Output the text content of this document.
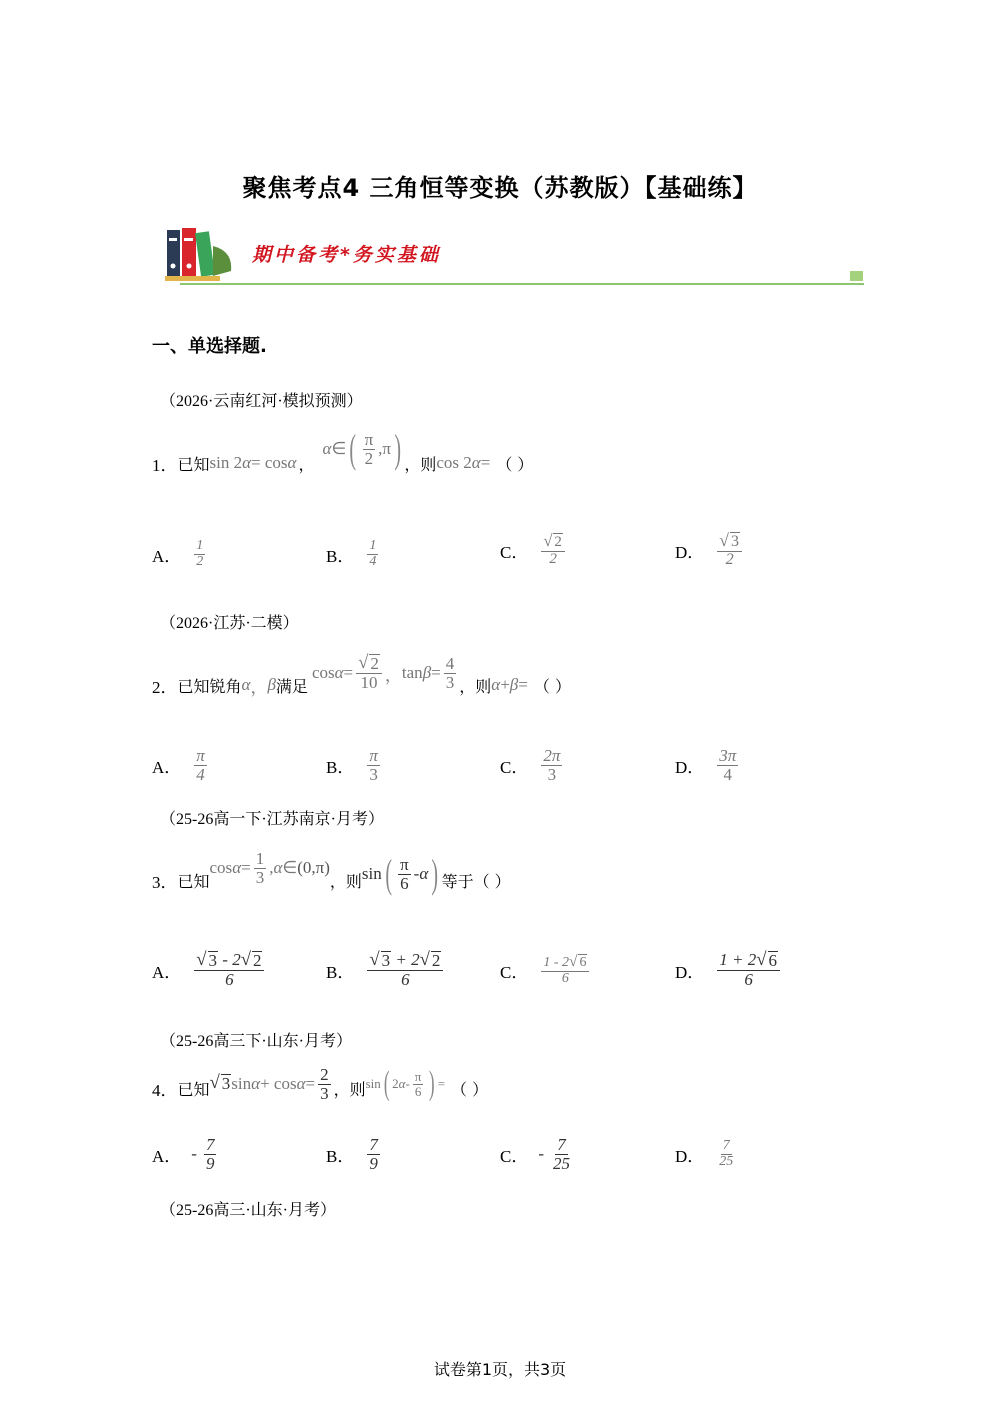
聚焦考点4 三角恒等变换（苏教版）【基础练】
期中备考*务实基础
一、单选择题.
（2026·云南红河·模拟预测）
1． 已知 sin 2 α = cos α ，
α ∈ ( $\frac{\pi}{2} ,\pi$ ) ，则 cos 2 α = （ ）
A． $\frac{1}{2}$	B． $\frac{1}{4}$	C． $\frac{√ 2}{2}$	D． $\frac{√ 3}{2}$
（2026·江苏·二模）
2． 已知锐角 α ， β 满足
$\cos \alpha = \frac{√ 2}{10}$ ， $\tan \beta = \frac{4}{3}$ ，则 α + β = （ ）
A． $\frac{\pi}{4}$	B． $\frac{\pi}{3}$	C． $\frac{2\pi}{3}$	D． $\frac{3\pi}{4}$
（25-26高一下·江苏南京·月考）
3． 已知
$\cos \alpha = \frac{1}{3}$ , α ∈ (0,π)
，则 sin ( $\frac{\pi}{6}$ - α ) 等于（ ）
A． $\frac{√ 3 - 2 √ 2}{6}$	B． $\frac{√ 3 + 2 √ 2}{6}$	C． $\frac{1 - 2 √ 6}{6}$	D． $\frac{1 + 2 √ 6}{6}$
（25-26高三下·山东·月考）
4． 已知 √ 3 $\sin \alpha + \cos \alpha = \frac{2}{3}$ ，则 sin ( 2 α - $\frac{\pi}{6}$ ) = （ ）
A． - $\frac{7}{9}$	B． $\frac{7}{9}$	C． - $\frac{7}{25}$	D． $\frac{7}{25}$
（25-26高三·山东·月考）
试卷第1页，共3页
